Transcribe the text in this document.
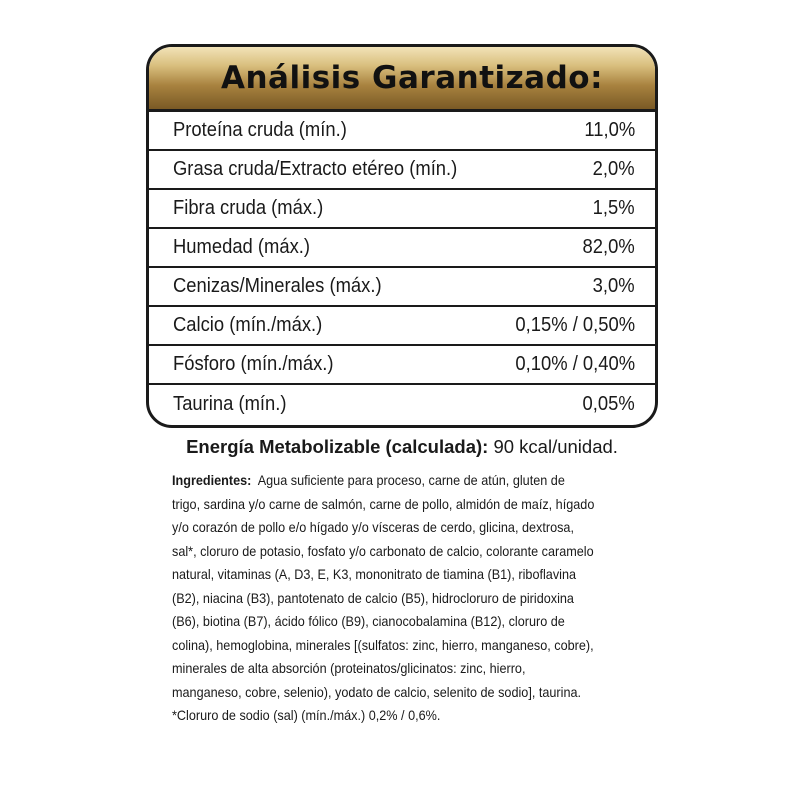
Análisis Garantizado:
Proteína cruda (mín.)	11,0%
Grasa cruda/Extracto etéreo (mín.)	2,0%
Fibra cruda (máx.)	1,5%
Humedad (máx.)	82,0%
Cenizas/Minerales (máx.)	3,0%
Calcio (mín./máx.)	0,15% / 0,50%
Fósforo (mín./máx.)	0,10% / 0,40%
Taurina (mín.)	0,05%
Energía Metabolizable (calculada): 90 kcal/unidad.
Ingredientes: Agua suficiente para proceso, carne de atún, gluten de
trigo, sardina y/o carne de salmón, carne de pollo, almidón de maíz, hígado
y/o corazón de pollo e/o hígado y/o vísceras de cerdo, glicina, dextrosa,
sal*, cloruro de potasio, fosfato y/o carbonato de calcio, colorante caramelo
natural, vitaminas (A, D3, E, K3, mononitrato de tiamina (B1), riboflavina
(B2), niacina (B3), pantotenato de calcio (B5), hidrocloruro de piridoxina
(B6), biotina (B7), ácido fólico (B9), cianocobalamina (B12), cloruro de
colina), hemoglobina, minerales [(sulfatos: zinc, hierro, manganeso, cobre),
minerales de alta absorción (proteinatos/glicinatos: zinc, hierro,
manganeso, cobre, selenio), yodato de calcio, selenito de sodio], taurina.
*Cloruro de sodio (sal) (mín./máx.) 0,2% / 0,6%.
